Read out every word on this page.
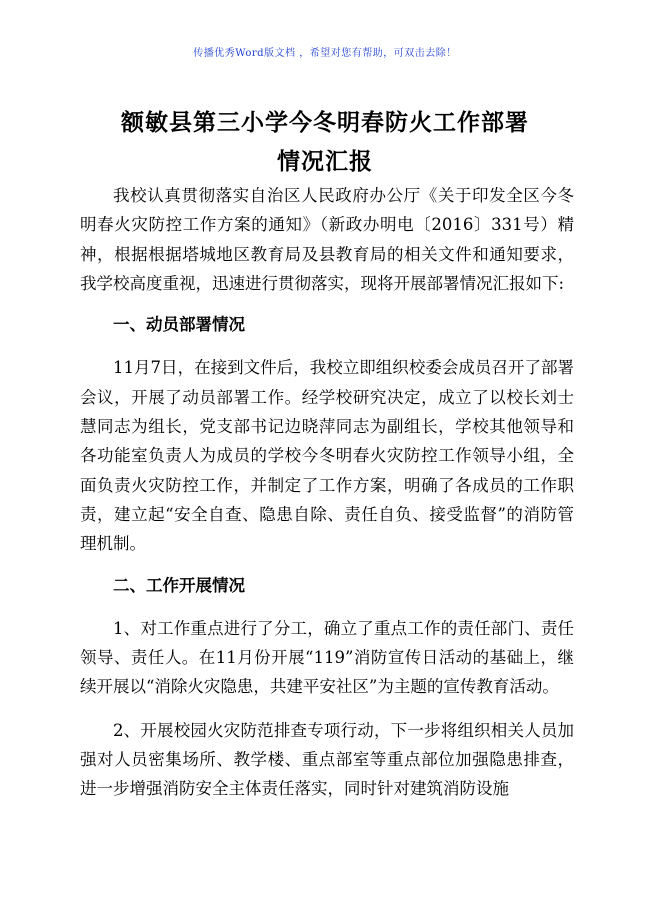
传播优秀Word版文档 ，希望对您有帮助，可双击去除！
额敏县第三小学今冬明春防火工作部署
情况汇报

我校认真贯彻落实自治区人民政府办公厅《关于印发全区今冬明春火灾防控工作方案的通知》（新政办明电〔2016〕331号）精神，根据根据塔城地区教育局及县教育局的相关文件和通知要求，我学校高度重视，迅速进行贯彻落实，现将开展部署情况汇报如下:

一、动员部署情况

11月7日，在接到文件后，我校立即组织校委会成员召开了部署会议，开展了动员部署工作。经学校研究决定，成立了以校长刘士慧同志为组长，党支部书记边晓萍同志为副组长，学校其他领导和各功能室负责人为成员的学校今冬明春火灾防控工作领导小组，全面负责火灾防控工作，并制定了工作方案，明确了各成员的工作职责，建立起“安全自查、隐患自除、责任自负、接受监督”的消防管理机制。

二、工作开展情况

1、对工作重点进行了分工，确立了重点工作的责任部门、责任领导、责任人。在11月份开展“119”消防宣传日活动的基础上，继续开展以“消除火灾隐患，共建平安社区”为主题的宣传教育活动。

2、开展校园火灾防范排查专项行动，下一步将组织相关人员加强对人员密集场所、教学楼、重点部室等重点部位加强隐患排查，进一步增强消防安全主体责任落实，同时针对建筑消防设施
